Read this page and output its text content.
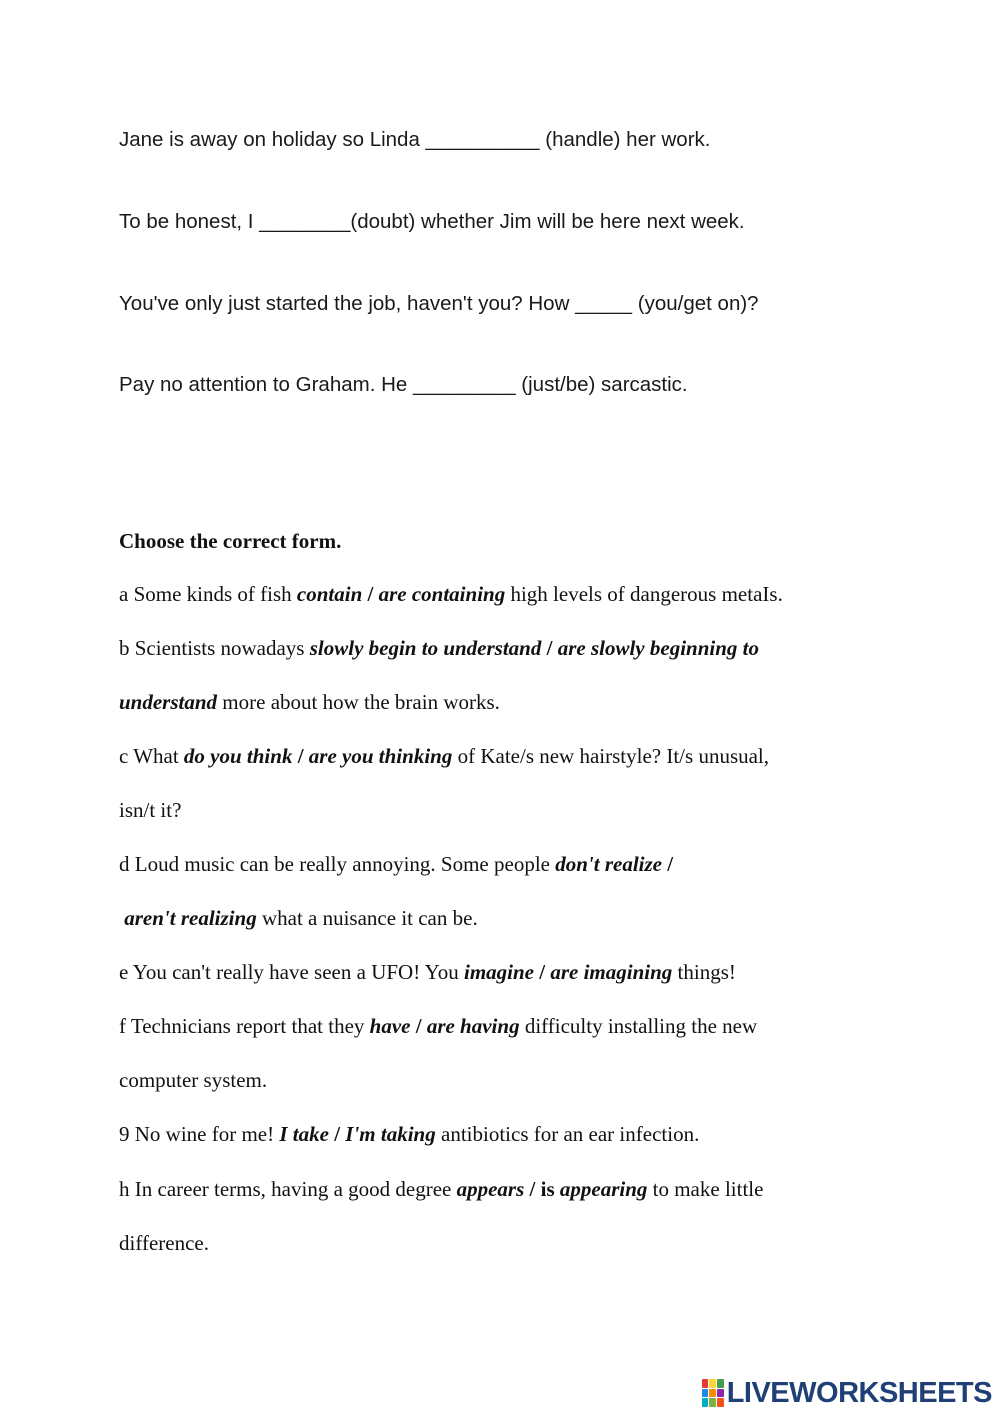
Jane is away on holiday so Linda __________ (handle) her work.
To be honest, I ________(doubt) whether Jim will be here next week.
You've only just started the job, haven't you? How _____ (you/get on)?
Pay no attention to Graham. He _________ (just/be) sarcastic.
Choose the correct form.
a Some kinds of fish contain / are containing high levels of dangerous metaIs.
b Scientists nowadays slowly begin to understand / are slowly beginning to
understand more about how the brain works.
c What do you think / are you thinking of Kate/s new hairstyle? It/s unusual,
isn/t it?
d Loud music can be really annoying. Some people don't realize /
aren't realizing what a nuisance it can be.
e You can't really have seen a UFO! You imagine / are imagining things!
f Technicians report that they have / are having difficulty installing the new
computer system.
9 No wine for me! I take / I'm taking antibiotics for an ear infection.
h In career terms, having a good degree appears / is appearing to make little
difference.
LIVEWORKSHEETS
